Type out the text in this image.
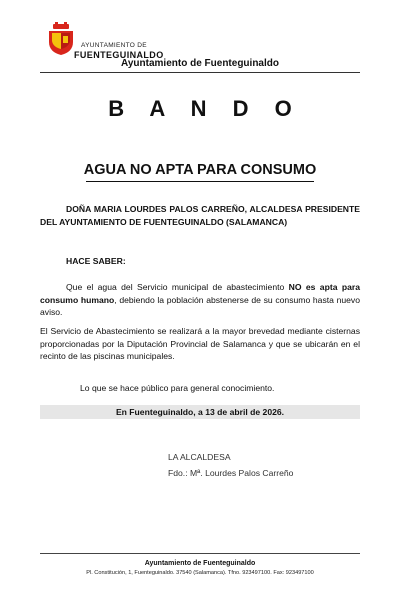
AYUNTAMIENTO DE
FUENTEGUINALDO
Ayuntamiento de Fuenteguinaldo
B A N D O
AGUA NO APTA PARA CONSUMO
DOÑA MARIA LOURDES PALOS CARREÑO, ALCALDESA PRESIDENTE DEL AYUNTAMIENTO DE FUENTEGUINALDO (SALAMANCA)
HACE SABER:
Que el agua del Servicio municipal de abastecimiento NO es apta para consumo humano, debiendo la población abstenerse de su consumo hasta nuevo aviso.
El Servicio de Abastecimiento se realizará a la mayor brevedad mediante cisternas proporcionadas por la Diputación Provincial de Salamanca y que se ubicarán en el recinto de las piscinas municipales.
Lo que se hace público para general conocimiento.
En Fuenteguinaldo, a 13 de abril de 2026.
LA ALCALDESA
Fdo.: Mª. Lourdes Palos Carreño
Ayuntamiento de Fuenteguinaldo
Pl. Constitución, 1, Fuenteguinaldo. 37540 (Salamanca). Tfno. 923497100. Fax: 923497100
